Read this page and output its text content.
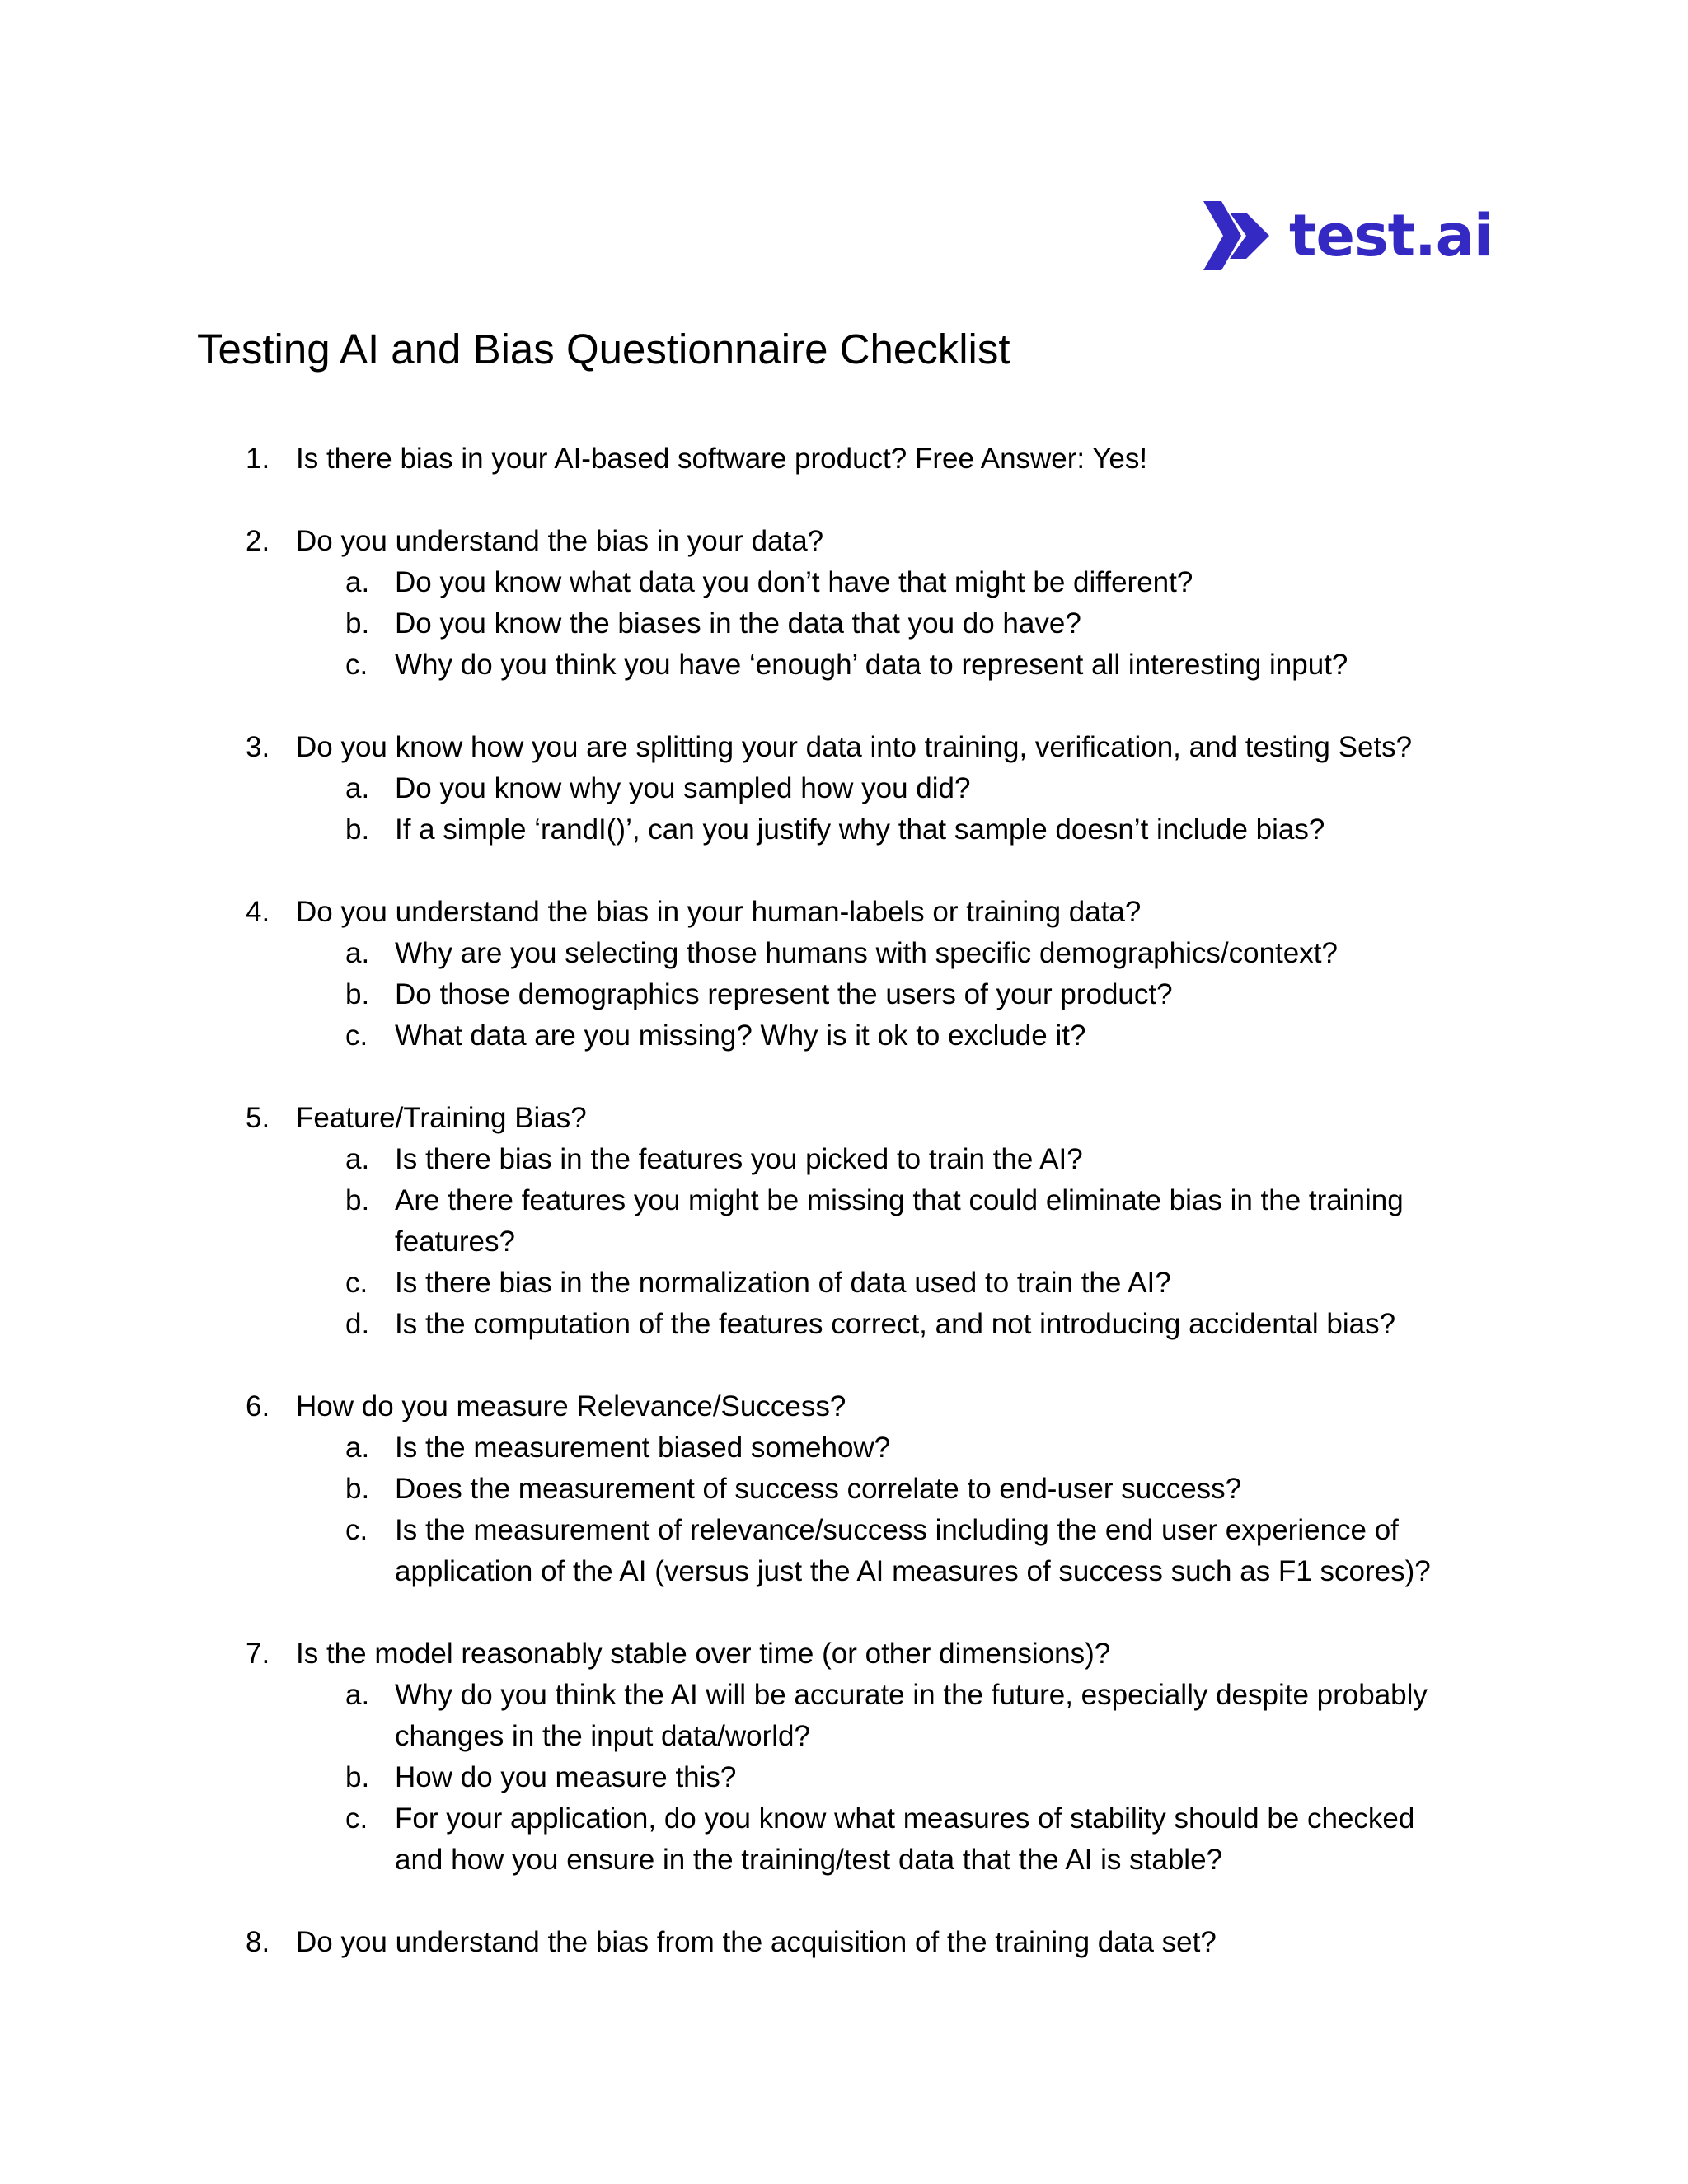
test.ai
Testing AI and Bias Questionnaire Checklist
1. Is there bias in your AI-based software product? Free Answer: Yes!
2. Do you understand the bias in your data?
a. Do you know what data you don’t have that might be different?
b. Do you know the biases in the data that you do have?
c. Why do you think you have ‘enough’ data to represent all interesting input?
3. Do you know how you are splitting your data into training, verification, and testing Sets?
a. Do you know why you sampled how you did?
b. If a simple ‘randI()’, can you justify why that sample doesn’t include bias?
4. Do you understand the bias in your human-labels or training data?
a. Why are you selecting those humans with specific demographics/context?
b. Do those demographics represent the users of your product?
c. What data are you missing? Why is it ok to exclude it?
5. Feature/Training Bias?
a. Is there bias in the features you picked to train the AI?
b. Are there features you might be missing that could eliminate bias in the training
features?
c. Is there bias in the normalization of data used to train the AI?
d. Is the computation of the features correct, and not introducing accidental bias?
6. How do you measure Relevance/Success?
a. Is the measurement biased somehow?
b. Does the measurement of success correlate to end-user success?
c. Is the measurement of relevance/success including the end user experience of
application of the AI (versus just the AI measures of success such as F1 scores)?
7. Is the model reasonably stable over time (or other dimensions)?
a. Why do you think the AI will be accurate in the future, especially despite probably
changes in the input data/world?
b. How do you measure this?
c. For your application, do you know what measures of stability should be checked
and how you ensure in the training/test data that the AI is stable?
8. Do you understand the bias from the acquisition of the training data set?
